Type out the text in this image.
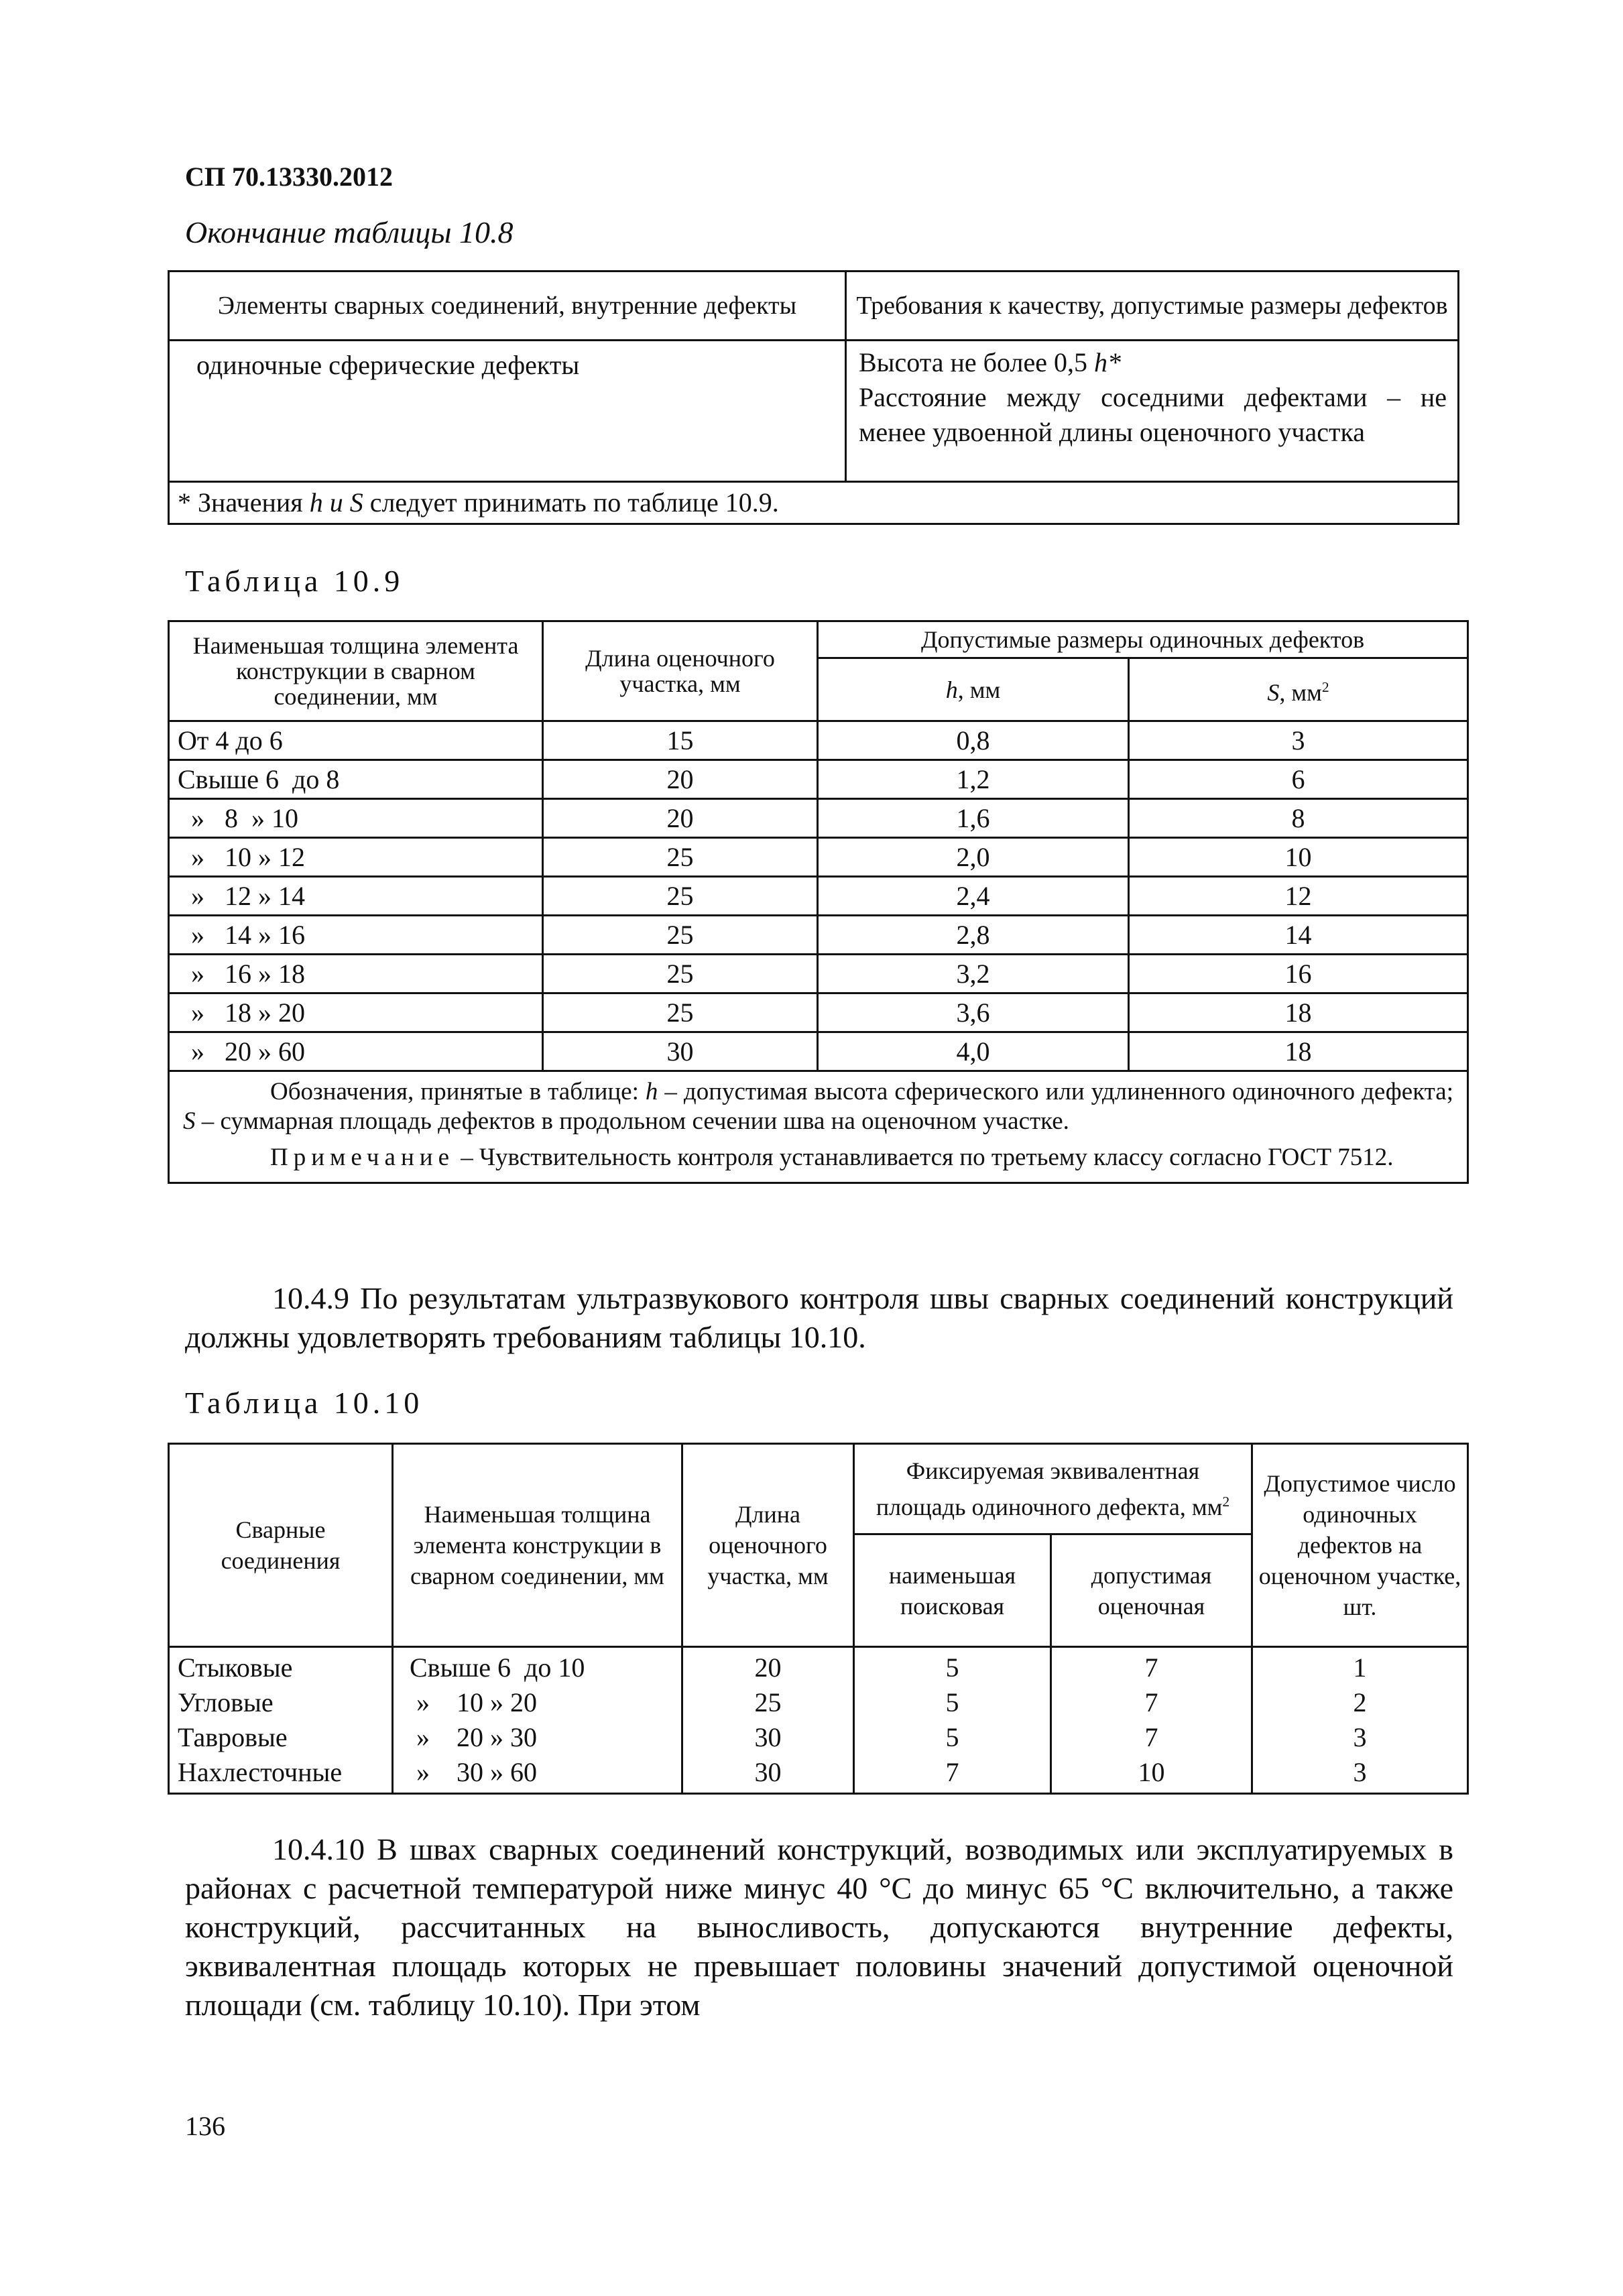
СП 70.13330.2012
Окончание таблицы 10.8
Элементы сварных соединений, внутренние дефекты	Требования к качеству, допустимые размеры дефектов
одиночные сферические дефекты	Высота не более 0,5 h*
Расстояние между соседними дефектами – не менее удвоенной длины оценочного участка

* Значения h и S следует принимать по таблице 10.9.	
Таблица 10.9
Наименьшая толщина элемента конструкции в сварном соединении, мм	Длина оценочного участка, мм	Допустимые размеры одиночных дефектов	
		h, мм	S, $мм^2$
От 4 до 6	15	0,8	3
Свыше 6  до 8	20	1,2	6
»   8  » 10	20	1,6	8
»   10 » 12	25	2,0	10
»   12 » 14	25	2,4	12
»   14 » 16	25	2,8	14
»   16 » 18	25	3,2	16
»   18 » 20	25	3,6	18
»   20 » 60	30	4,0	18

Обозначения, принятые в таблице: h – допустимая высота сферического или удлиненного одиночного дефекта; S – суммарная площадь дефектов в продольном сечении шва на оценочном участке.
Примечание – Чувствительность контроля устанавливается по третьему классу согласно ГОСТ 7512.			
10.4.9 По результатам ультразвукового контроля швы сварных соединений конструкций должны удовлетворять требованиям таблицы 10.10.
Таблица 10.10
Сварные соединения	Наименьшая толщина элемента конструкции в сварном соединении, мм	Длина оценочного участка, мм	Фиксируемая эквивалентная площадь одиночного дефекта, $мм^2$		Допустимое число одиночных дефектов на оценочном участке, шт.
			наименьшая поисковая	допустимая оценочная	
Стыковые	Свыше 6  до 10	20	5	7	1
Угловые	»    10 » 20	25	5	7	2
Тавровые	»    20 » 30	30	5	7	3
Нахлесточные	»    30 » 60	30	7	10	3
10.4.10 В швах сварных соединений конструкций, возводимых или эксплуатируемых в районах с расчетной температурой ниже минус 40 °С до минус 65 °С включительно, а также конструкций, рассчитанных на выносливость, допускаются внутренние дефекты, эквивалентная площадь которых не превышает половины значений допустимой оценочной площади (см. таблицу 10.10). При этом
136
